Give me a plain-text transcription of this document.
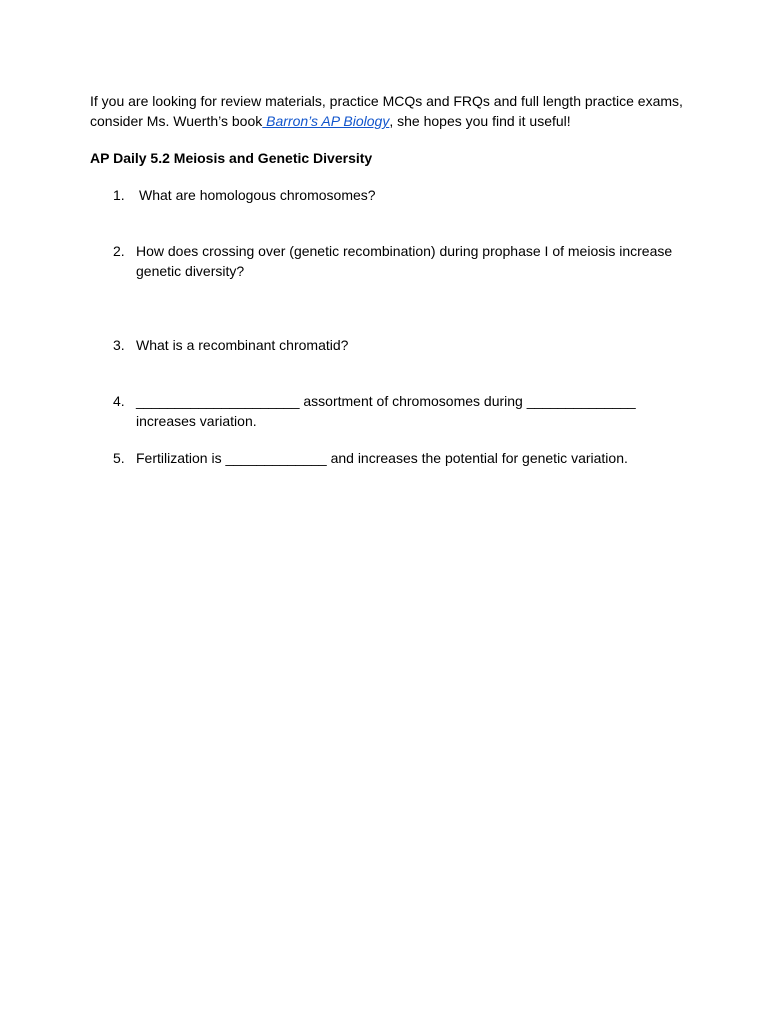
If you are looking for review materials, practice MCQs and FRQs and full length practice exams, consider Ms. Wuerth’s book Barron’s AP Biology, she hopes you find it useful!

AP Daily 5.2 Meiosis and Genetic Diversity

1.	What are homologous chromosomes?
2. How does crossing over (genetic recombination) during prophase I of meiosis increase genetic diversity?
3. What is a recombinant chromatid?
4. _____________________ assortment of chromosomes during ______________ increases variation.
5. Fertilization is _____________ and increases the potential for genetic variation.
